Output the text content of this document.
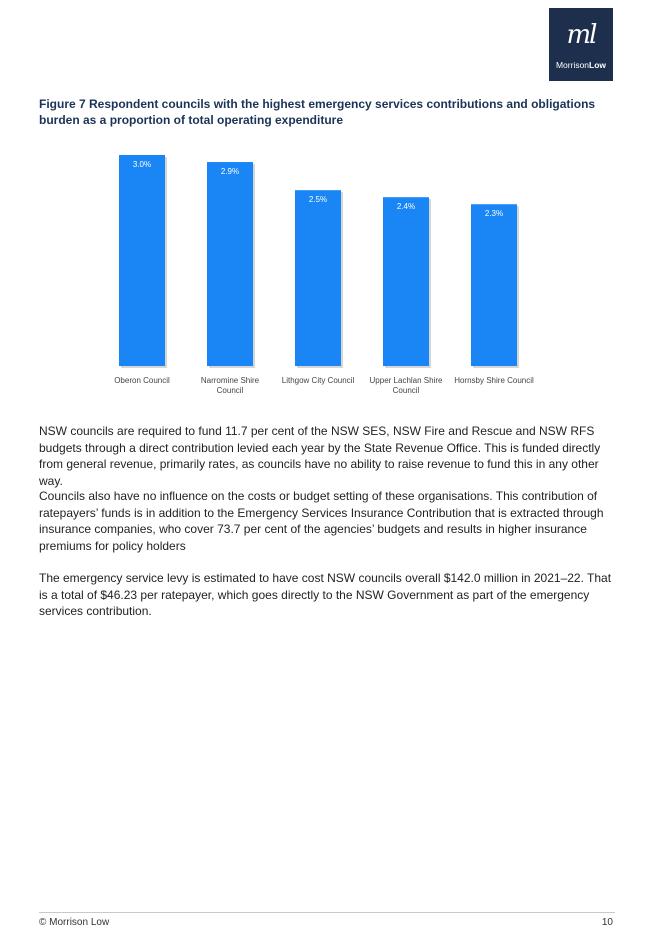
ml
MorrisonLow

Figure 7 Respondent councils with the highest emergency services contributions and obligations burden as a proportion of total operating expenditure

3.0%
2.9%
2.5%
2.4%
2.3%
Oberon Council	Narromine Shire Council
Lithgow City Council Upper Lachlan Shire Council
Hornsby Shire Council

NSW councils are required to fund 11.7 per cent of the NSW SES, NSW Fire and Rescue and NSW RFS budgets through a direct contribution levied each year by the State Revenue Office. This is funded directly from general revenue, primarily rates, as councils have no ability to raise revenue to fund this in any other way.

Councils also have no influence on the costs or budget setting of these organisations. This contribution of ratepayers’ funds is in addition to the Emergency Services Insurance Contribution that is extracted through insurance companies, who cover 73.7 per cent of the agencies’ budgets and results in higher insurance premiums for policy holders

The emergency service levy is estimated to have cost NSW councils overall $142.0 million in 2021–22. That is a total of $46.23 per ratepayer, which goes directly to the NSW Government as part of the emergency services contribution.

© Morrison Low	10
